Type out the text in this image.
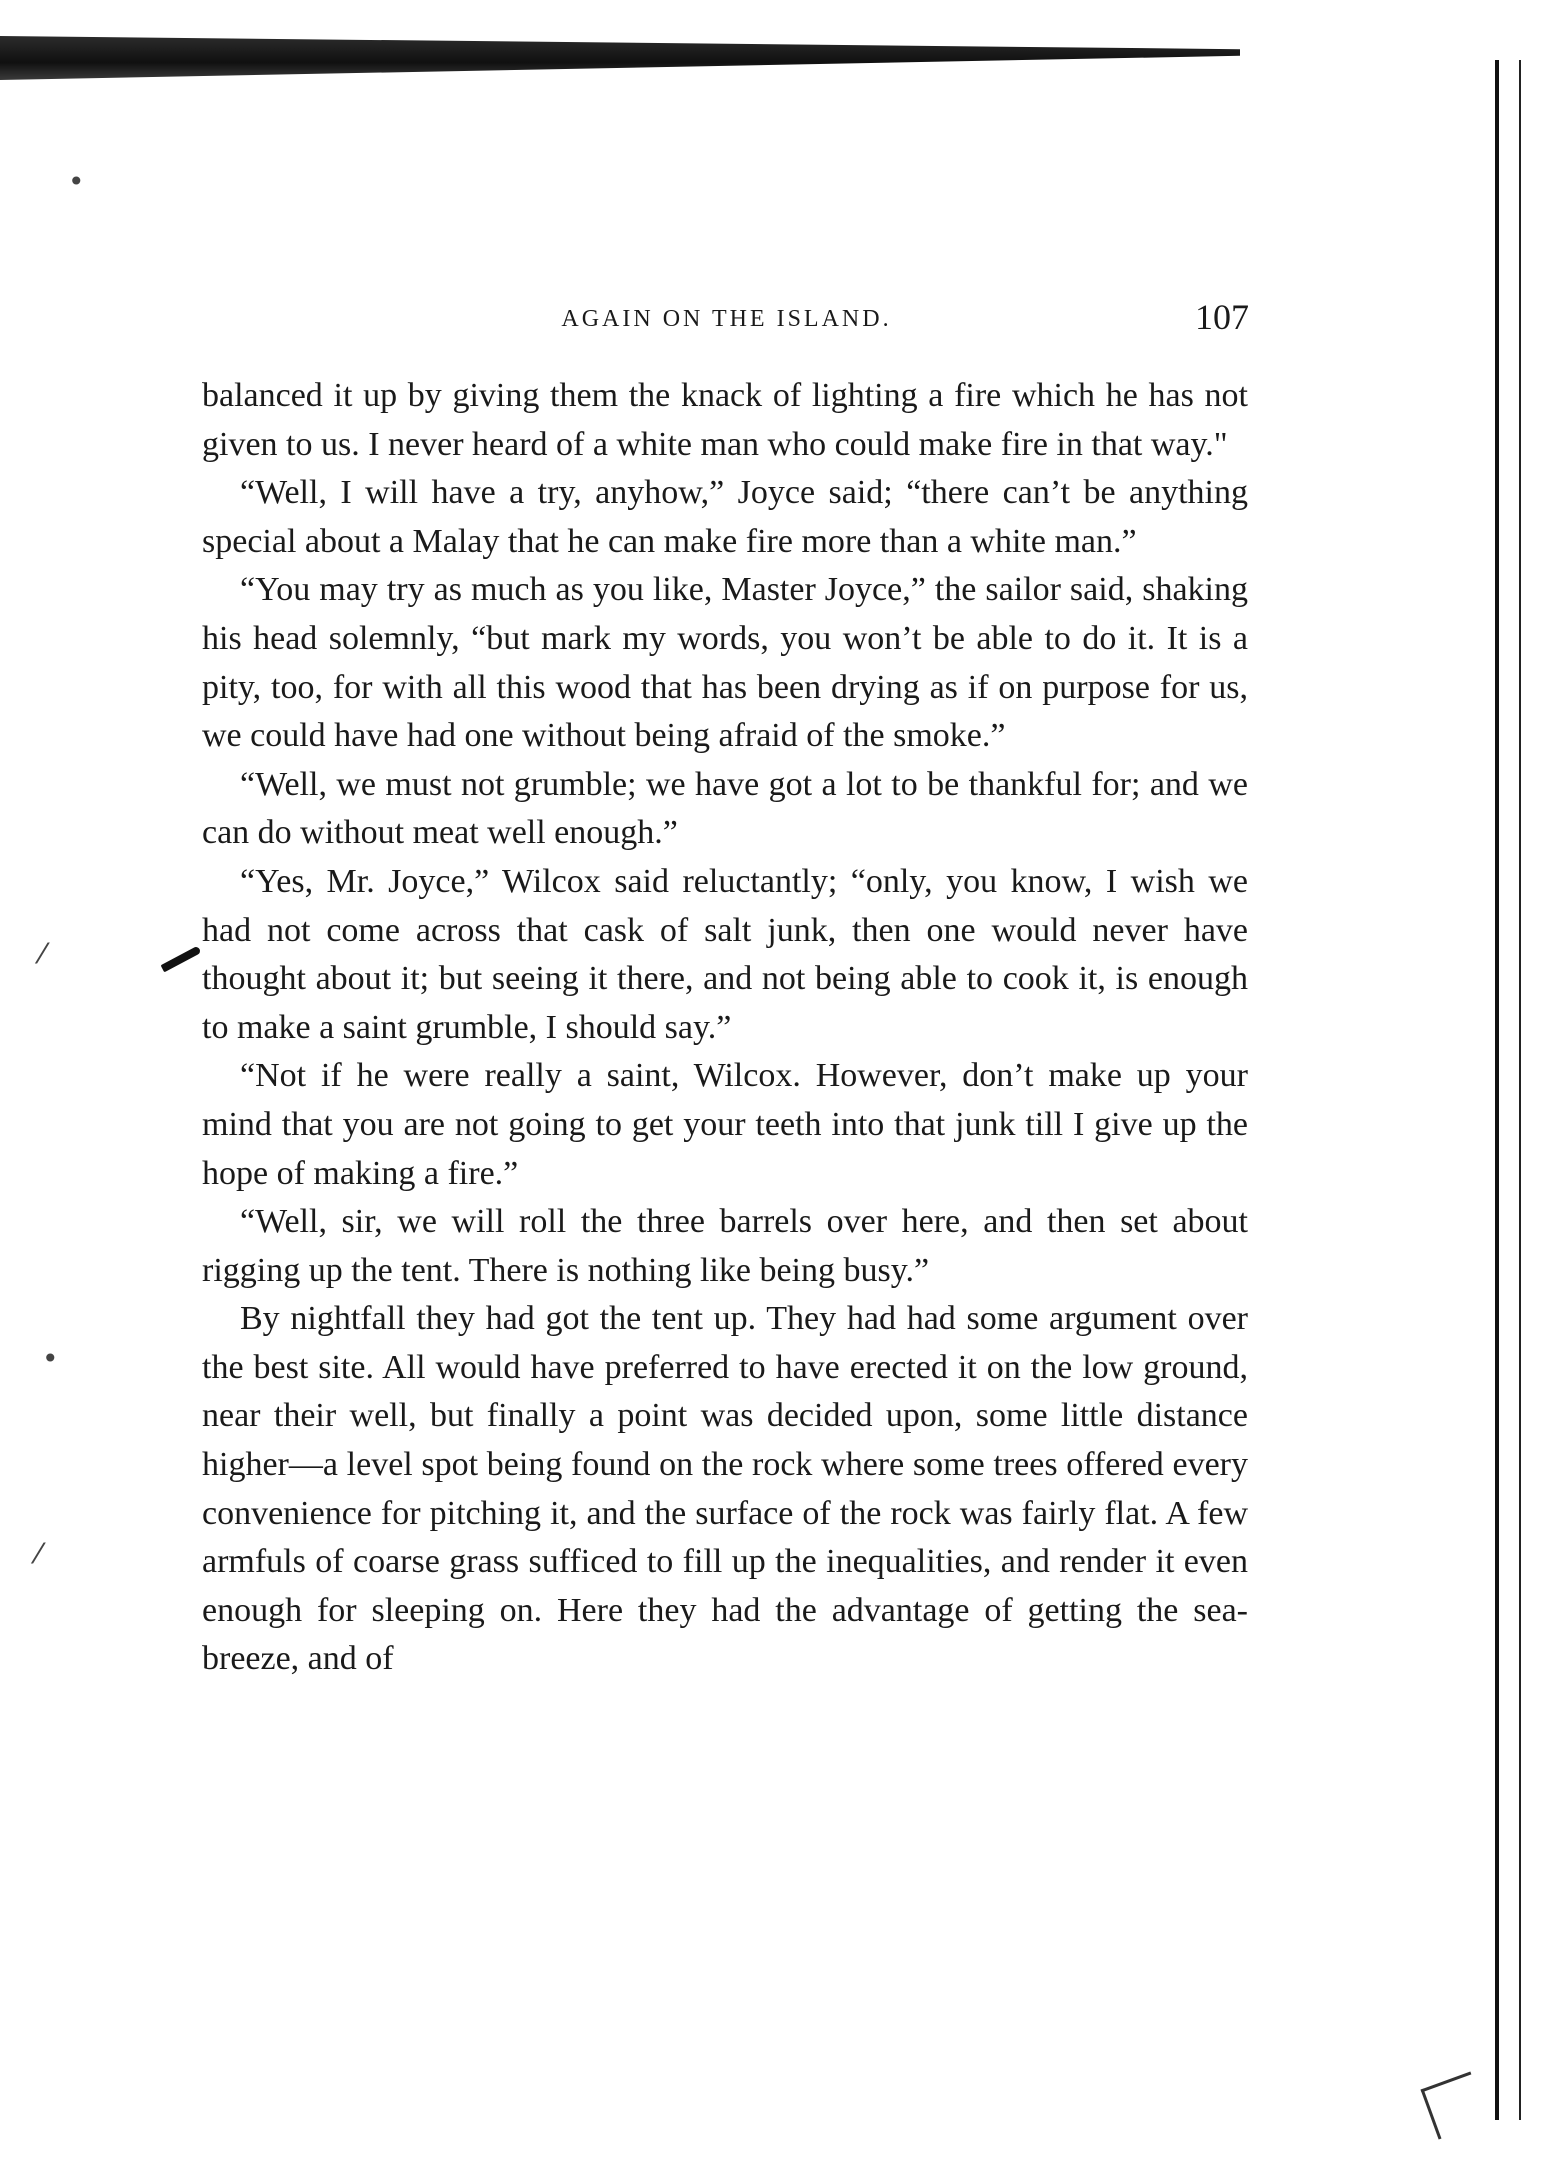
•
•
⁄
⁄
AGAIN ON THE ISLAND.	107

balanced it up by giving them the knack of lighting a fire which he has not given to us. I never heard of a white man who could make fire in that way."

“Well, I will have a try, anyhow,” Joyce said; “there can’t be anything special about a Malay that he can make fire more than a white man.”

“You may try as much as you like, Master Joyce,” the sailor said, shaking his head solemnly, “but mark my words, you won’t be able to do it. It is a pity, too, for with all this wood that has been drying as if on purpose for us, we could have had one without being afraid of the smoke.”

“Well, we must not grumble; we have got a lot to be thankful for; and we can do without meat well enough.”

“Yes, Mr. Joyce,” Wilcox said reluctantly; “only, you know, I wish we had not come across that cask of salt junk, then one would never have thought about it; but seeing it there, and not being able to cook it, is enough to make a saint grumble, I should say.”

“Not if he were really a saint, Wilcox. However, don’t make up your mind that you are not going to get your teeth into that junk till I give up the hope of making a fire.”

“Well, sir, we will roll the three barrels over here, and then set about rigging up the tent. There is nothing like being busy.”

By nightfall they had got the tent up. They had had some argument over the best site. All would have preferred to have erected it on the low ground, near their well, but finally a point was decided upon, some little distance higher—a level spot being found on the rock where some trees offered every convenience for pitching it, and the surface of the rock was fairly flat. A few armfuls of coarse grass sufficed to fill up the inequalities, and render it even enough for sleeping on. Here they had the advantage of getting the sea-breeze, and of
